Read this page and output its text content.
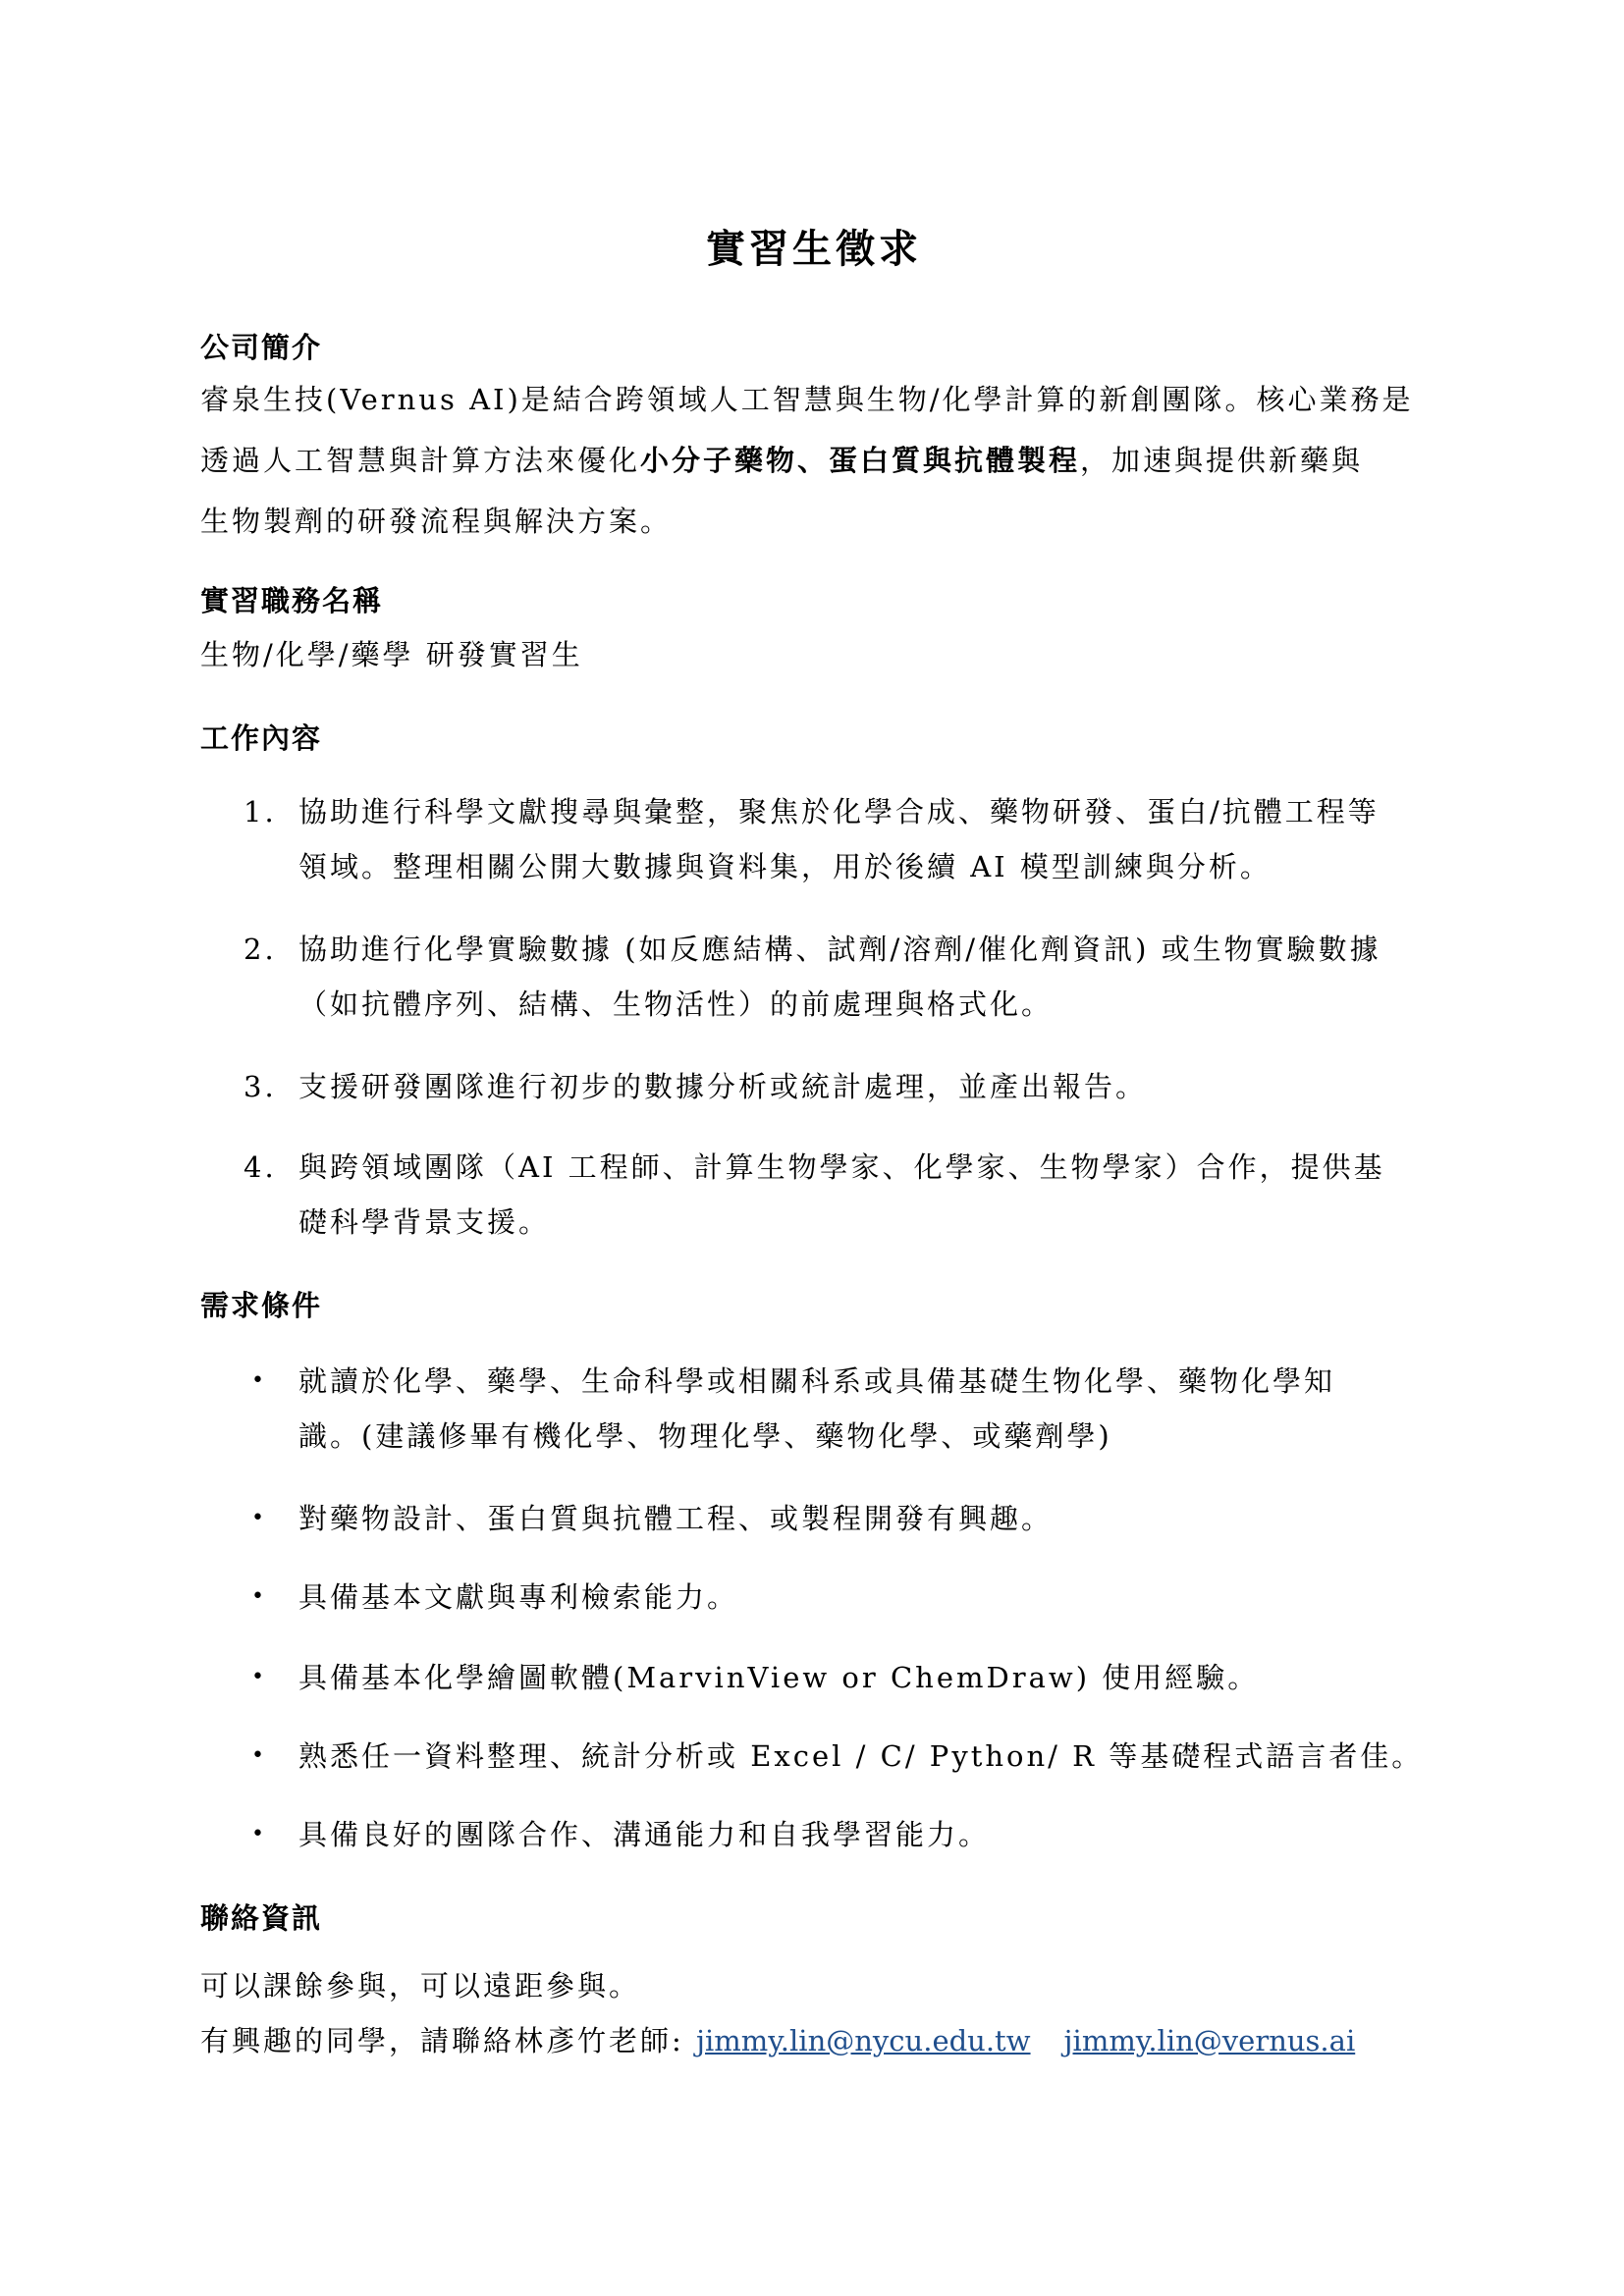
實習生徵求
公司簡介

睿泉生技(Vernus AI)是結合跨領域人工智慧與生物/化學計算的新創團隊。核心業務是

透過人工智慧與計算方法來優化小分子藥物、蛋白質與抗體製程，加速與提供新藥與

生物製劑的研發流程與解決方案。

實習職務名稱

生物/化學/藥學 研發實習生

工作內容
1. 協助進行科學文獻搜尋與彙整，聚焦於化學合成、藥物研發、蛋白/抗體工程等
領域。整理相關公開大數據與資料集，用於後續 AI 模型訓練與分析。
2. 協助進行化學實驗數據 (如反應結構、試劑/溶劑/催化劑資訊) 或生物實驗數據
（如抗體序列、結構、生物活性）的前處理與格式化。
3. 支援研發團隊進行初步的數據分析或統計處理，並產出報告。
4. 與跨領域團隊（AI 工程師、計算生物學家、化學家、生物學家）合作，提供基
礎科學背景支援。
需求條件
• 就讀於化學、藥學、生命科學或相關科系或具備基礎生物化學、藥物化學知
識。(建議修畢有機化學、物理化學、藥物化學、或藥劑學)
• 對藥物設計、蛋白質與抗體工程、或製程開發有興趣。
• 具備基本文獻與專利檢索能力。
• 具備基本化學繪圖軟體(MarvinView or ChemDraw) 使用經驗。
• 熟悉任一資料整理、統計分析或 Excel / C/ Python/ R 等基礎程式語言者佳。
• 具備良好的團隊合作、溝通能力和自我學習能力。
聯絡資訊

可以課餘參與，可以遠距參與。

有興趣的同學，請聯絡林彥竹老師: jimmy.lin@nycu.edu.tw jimmy.lin@vernus.ai
